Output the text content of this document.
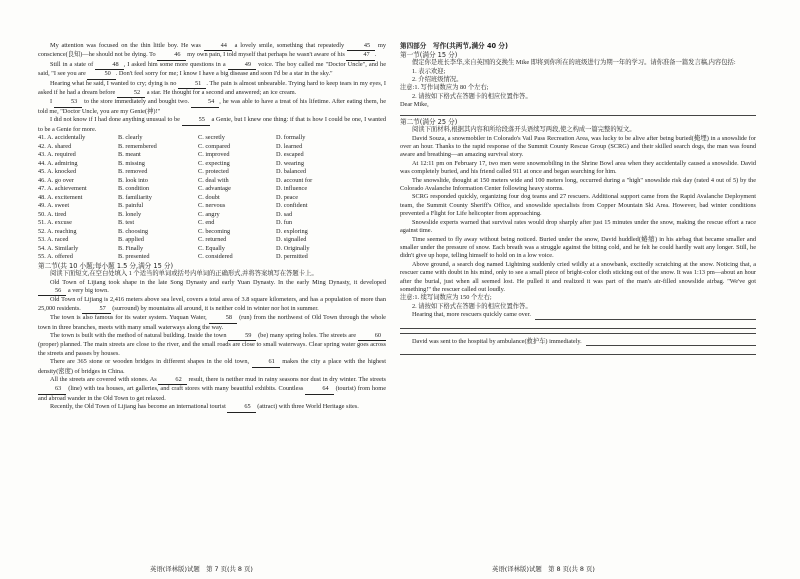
My attention was focused on the thin little boy. He was	44 a lovely smile, something that repeatedly	45 my conscience(良知)—he should not be dying. To	46 my own pain, I told myself that perhaps he wasn't aware of his	47 .

Still in a state of	48 , I asked him some more questions in a	49 voice. The boy called me "Doctor Uncle", and he said, "I see you are	50 . Don't feel sorry for me; I know I have a big disease and soon I'd be a star in the sky."

Hearing what he said, I wanted to cry; dying is no	51 . The pain is almost unbearable. Trying hard to keep tears in my eyes, I asked if he had a dream before	52 a star. He thought for a second and answered; an ice cream.

I	53 to the store immediately and bought two.	54 , he was able to have a treat of his lifetime. After eating them, he told me, "Doctor Uncle, you are my Genie(神)!"

I did not know if I had done anything unusual to be	55 a Genie, but I knew one thing: if that is how I could be one, I wanted to be a Genie for more.

41. A. accidentally	B. clearly	C. secretly	D. formally
42. A. shared	B. remembered	C. compared	D. learned
43. A. required	B. meant	C. improved	D. escaped
44. A. admiring	B. missing	C. expecting	D. wearing
45. A. knocked	B. removed	C. protected	D. balanced
46. A. go over	B. look into	C. deal with	D. account for
47. A. achievement	B. condition	C. advantage	D. influence
48. A. excitement	B. familiarity	C. doubt	D. peace
49. A. sweet	B. painful	C. nervous	D. confident
50. A. tired	B. lonely	C. angry	D. sad
51. A. excuse	B. test	C. end	D. fun
52. A. reaching	B. choosing	C. becoming	D. exploring
53. A. raced	B. applied	C. returned	D. signalled
54. A. Similarly	B. Finally	C. Equally	D. Originally
55. A. offered	B. presented	C. considered	D. permitted

第二节(共 10 小题;每小题 1.5 分,满分 15 分)

阅读下面短文,在空白处填入 1 个适当的单词或括号内单词的正确形式,并将答案填写在答题卡上。

Old Town of Lijiang took shape in the late Song Dynasty and early Yuan Dynasty. In the early Ming Dynasty, it developed 56 a very big town.

Old Town of Lijiang is 2,416 meters above sea level, covers a total area of 3.8 square kilometers, and has a population of more than 25,000 residents.	57 (surround) by mountains all around, it is neither cold in winter nor hot in summer.

The town is also famous for its water system. Yuquan Water,	58 (run) from the northwest of Old Town through the whole town in three branches, meets with many small waterways along the way.

The town is built with the method of natural building. Inside the town	59 (be) many spring holes. The streets are	60 (proper) planned. The main streets are close to the river, and the small roads are close to small waterways. Clear spring water goes across the streets and passes by houses.

There are 365 stone or wooden bridges in different shapes in the old town,	61 makes the city a place with the highest density(密度) of bridges in China.

All the streets are covered with stones. As	62 result, there is neither mud in rainy seasons nor dust in dry winter. The streets 63 (line) with tea houses, art galleries, and craft stores with many beautiful exhibits. Countless	64 (tourist) from home and abroad wander in the Old Town to get relaxed.

Recently, the Old Town of Lijiang has become an international tourist	65 (attract) with three World Heritage sites.

英语(译林版)试题　第 7 页(共 8 页)

第四部分　写作(共两节,满分 40 分)

第一节(满分 15 分)

假定你是班长李华,来自英国的交换生 Mike 即将到你所在的班级进行为期一年的学习。请你准备一篇发言稿,内容包括:

1. 表示欢迎;

2. 介绍班级情况。

注意:1. 写作词数应为 80 个左右;

2. 请按如下格式在答题卡的相应位置作答。

Dear Mike,

第二节(满分 25 分)

阅读下面材料,根据其内容和所给段落开头语续写两段,使之构成一篇完整的短文。

David Souza, a snowmobiler in Colorado's Vail Pass Recreation Area, was lucky to be alive after being buried(掩埋) in a snowslide for over an hour. Thanks to the rapid response of the Summit County Rescue Group (SCRG) and their skilled search dogs, the man was found aware and breathing—an amazing survival story.

At 12:11 pm on February 17, two men were snowmobiling in the Shrine Bowl area when they accidentally caused a snowslide. David was completely buried, and his friend called 911 at once and began searching for him.

The snowslide, thought at 150 meters wide and 100 meters long, occurred during a "high" snowslide risk day (rated 4 out of 5) by the Colorado Avalanche Information Center following heavy storms.

SCRG responded quickly, organizing four dog teams and 27 rescuers. Additional support came from the Rapid Avalanche Deployment team, the Summit County Sheriff's Office, and snowslide specialists from Copper Mountain Ski Area. However, bad winter conditions prevented a Flight for Life helicopter from approaching.

Snowslide experts warned that survival rates would drop sharply after just 15 minutes under the snow, making the rescue effort a race against time.

Time seemed to fly away without being noticed. Buried under the snow, David huddled(蜷缩) in his airbag that became smaller and smaller under the pressure of snow. Each breath was a struggle against the biting cold, and he felt he could hardly wait any longer. Still, he didn't give up hope, telling himself to hold on in a low voice.

Above ground, a search dog named Lightning suddenly cried wildly at a snowbank, excitedly scratching at the snow. Noticing that, a rescuer came with doubt in his mind, only to see a small piece of bright-color cloth sticking out of the snow. It was 1:13 pm—about an hour after the burial, just when all seemed lost. He pulled it and realized it was part of the man's air-filled snowslide airbag. "We've got something!" the rescuer called out loudly.

注意:1. 续写词数应为 150 个左右;

2. 请按如下格式在答题卡的相应位置作答。

Hearing that, more rescuers quickly came over.

David was sent to the hospital by ambulance(救护车) immediately.

英语(译林版)试题　第 8 页(共 8 页)
